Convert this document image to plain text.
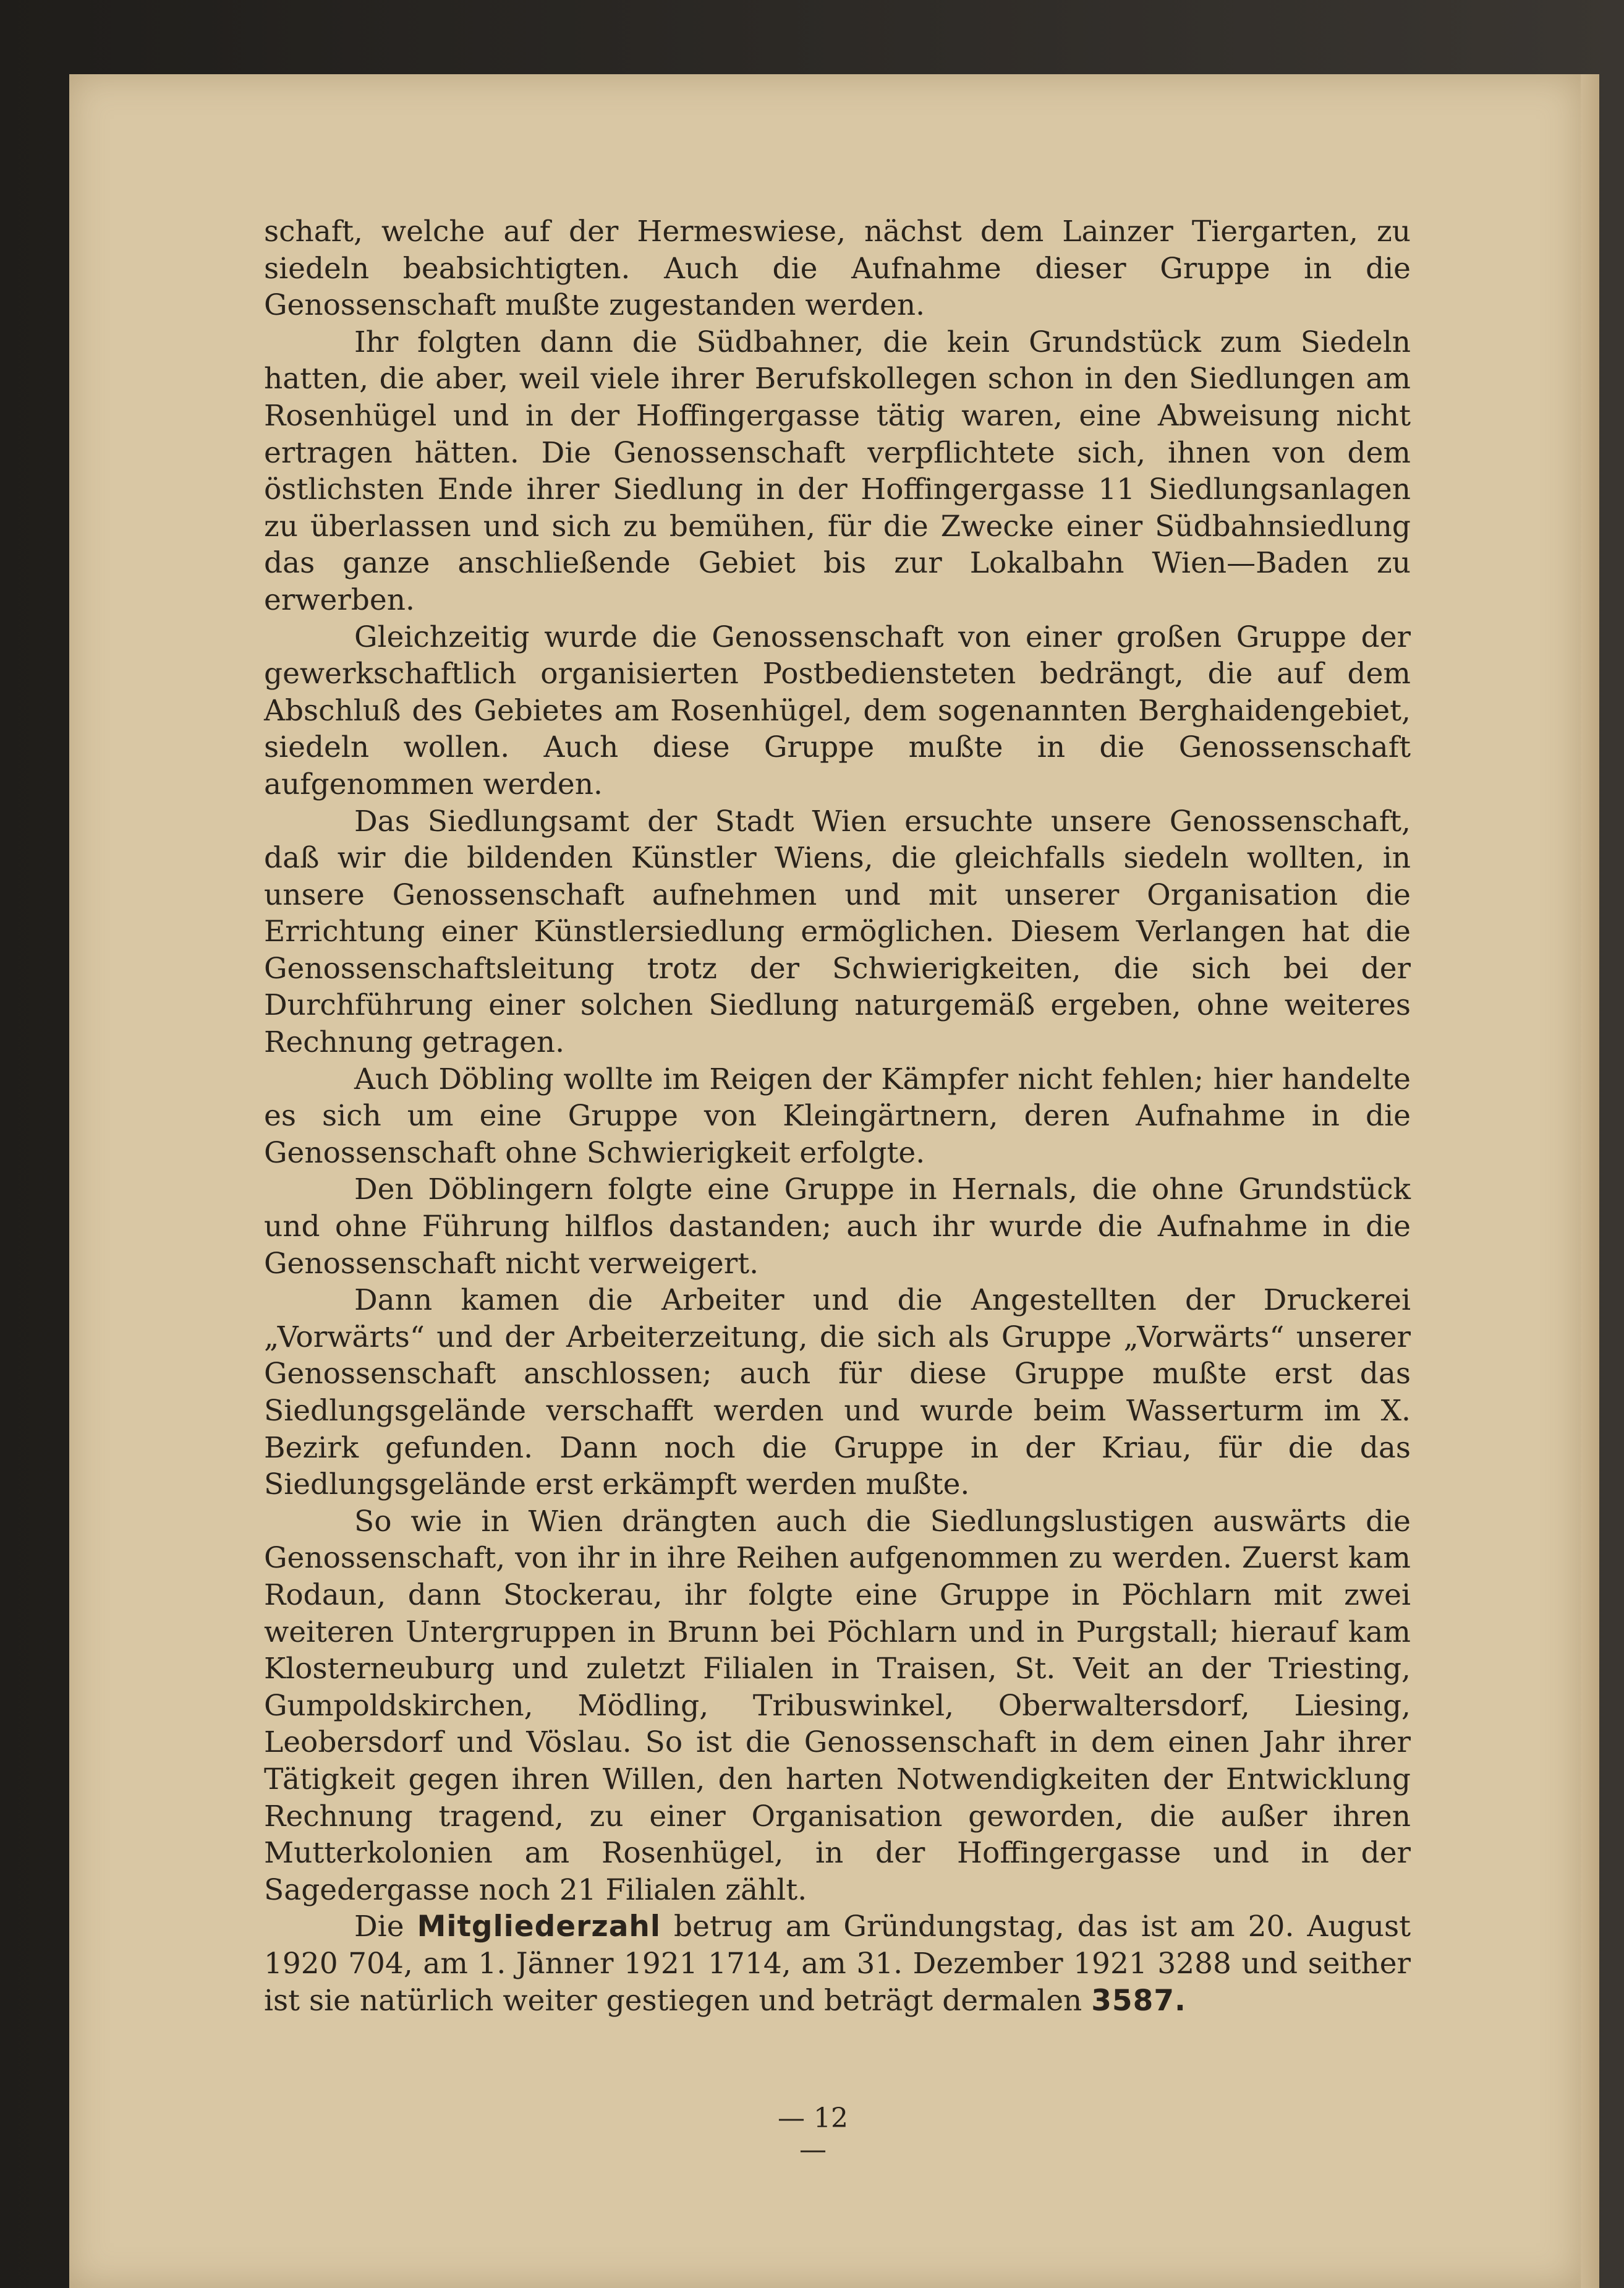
schaft, welche auf der Hermeswiese, nächst dem Lainzer Tiergarten, zu siedeln beabsichtigten. Auch die Aufnahme dieser Gruppe in die Genossenschaft mußte zugestanden werden.

Ihr folgten dann die Südbahner, die kein Grundstück zum Siedeln hatten, die aber, weil viele ihrer Berufskollegen schon in den Siedlungen am Rosenhügel und in der Hoffingergasse tätig waren, eine Abweisung nicht ertragen hätten. Die Genossenschaft verpflichtete sich, ihnen von dem östlichsten Ende ihrer Siedlung in der Hoffingergasse 11 Siedlungsanlagen zu überlassen und sich zu bemühen, für die Zwecke einer Südbahnsiedlung das ganze anschließende Gebiet bis zur Lokalbahn Wien—Baden zu erwerben.

Gleichzeitig wurde die Genossenschaft von einer großen Gruppe der gewerkschaftlich organisierten Postbediensteten bedrängt, die auf dem Abschluß des Gebietes am Rosenhügel, dem sogenannten Berghaidengebiet, siedeln wollen. Auch diese Gruppe mußte in die Genossenschaft aufgenommen werden.

Das Siedlungsamt der Stadt Wien ersuchte unsere Genossenschaft, daß wir die bildenden Künstler Wiens, die gleichfalls siedeln wollten, in unsere Genossenschaft aufnehmen und mit unserer Organisation die Errichtung einer Künstlersiedlung ermöglichen. Diesem Verlangen hat die Genossenschaftsleitung trotz der Schwierigkeiten, die sich bei der Durchführung einer solchen Siedlung naturgemäß ergeben, ohne weiteres Rechnung getragen.

Auch Döbling wollte im Reigen der Kämpfer nicht fehlen; hier handelte es sich um eine Gruppe von Kleingärtnern, deren Aufnahme in die Genossenschaft ohne Schwierigkeit erfolgte.

Den Döblingern folgte eine Gruppe in Hernals, die ohne Grundstück und ohne Führung hilflos dastanden; auch ihr wurde die Aufnahme in die Genossenschaft nicht verweigert.

Dann kamen die Arbeiter und die Angestellten der Druckerei „Vorwärts“ und der Arbeiterzeitung, die sich als Gruppe „Vorwärts“ unserer Genossenschaft anschlossen; auch für diese Gruppe mußte erst das Siedlungsgelände verschafft werden und wurde beim Wasserturm im X. Bezirk gefunden. Dann noch die Gruppe in der Kriau, für die das Siedlungsgelände erst erkämpft werden mußte.

So wie in Wien drängten auch die Siedlungslustigen auswärts die Genossenschaft, von ihr in ihre Reihen aufgenommen zu werden. Zuerst kam Rodaun, dann Stockerau, ihr folgte eine Gruppe in Pöchlarn mit zwei weiteren Untergruppen in Brunn bei Pöchlarn und in Purgstall; hierauf kam Klosterneuburg und zuletzt Filialen in Traisen, St. Veit an der Triesting, Gumpoldskirchen, Mödling, Tribuswinkel, Oberwaltersdorf, Liesing, Leobersdorf und Vöslau. So ist die Genossenschaft in dem einen Jahr ihrer Tätigkeit gegen ihren Willen, den harten Notwendigkeiten der Entwicklung Rechnung tragend, zu einer Organisation geworden, die außer ihren Mutterkolonien am Rosenhügel, in der Hoffingergasse und in der Sagedergasse noch 21 Filialen zählt.

Die Mitgliederzahl betrug am Gründungstag, das ist am 20. August 1920 704, am 1. Jänner 1921 1714, am 31. Dezember 1921 3288 und seither ist sie natürlich weiter gestiegen und beträgt dermalen 3587.

— 12 —
